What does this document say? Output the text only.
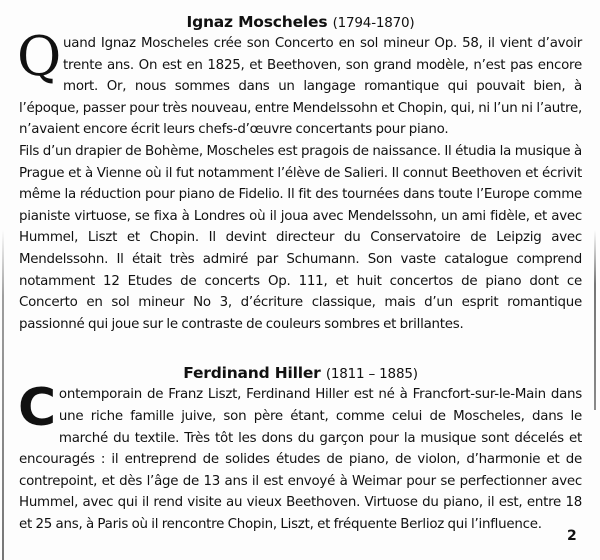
Ignaz Moscheles (1794-1870)

Quand Ignaz Moscheles crée son Concerto en sol mineur Op. 58, il vient d’avoir trente ans. On est en 1825, et Beethoven, son grand modèle, n’est pas encore mort. Or, nous sommes dans un langage romantique qui pouvait bien, à l’époque, passer pour très nouveau, entre Mendelssohn et Chopin, qui, ni l’un ni l’autre, n’avaient encore écrit leurs chefs-d’œuvre concertants pour piano.

Fils d’un drapier de Bohème, Moscheles est pragois de naissance. Il étudia la musique à Prague et à Vienne où il fut notamment l’élève de Salieri. Il connut Beethoven et écrivit même la réduction pour piano de Fidelio. Il fit des tournées dans toute l’Europe comme pianiste virtuose, se fixa à Londres où il joua avec Mendelssohn, un ami fidèle, et avec Hummel, Liszt et Chopin. Il devint directeur du Conservatoire de Leipzig avec Mendelssohn. Il était très admiré par Schumann. Son vaste catalogue comprend notamment 12 Etudes de concerts Op. 111, et huit concertos de piano dont ce Concerto en sol mineur No 3, d’écriture classique, mais d’un esprit romantique passionné qui joue sur le contraste de couleurs sombres et brillantes.

Ferdinand Hiller (1811 – 1885)

Contemporain de Franz Liszt, Ferdinand Hiller est né à Francfort-sur-le-Main dans une riche famille juive, son père étant, comme celui de Moscheles, dans le marché du textile. Très tôt les dons du garçon pour la musique sont décelés et encouragés : il entreprend de solides études de piano, de violon, d’harmonie et de contrepoint, et dès l’âge de 13 ans il est envoyé à Weimar pour se perfectionner avec Hummel, avec qui il rend visite au vieux Beethoven. Virtuose du piano, il est, entre 18 et 25 ans, à Paris où il rencontre Chopin, Liszt, et fréquente Berlioz qui l’influence.

2
